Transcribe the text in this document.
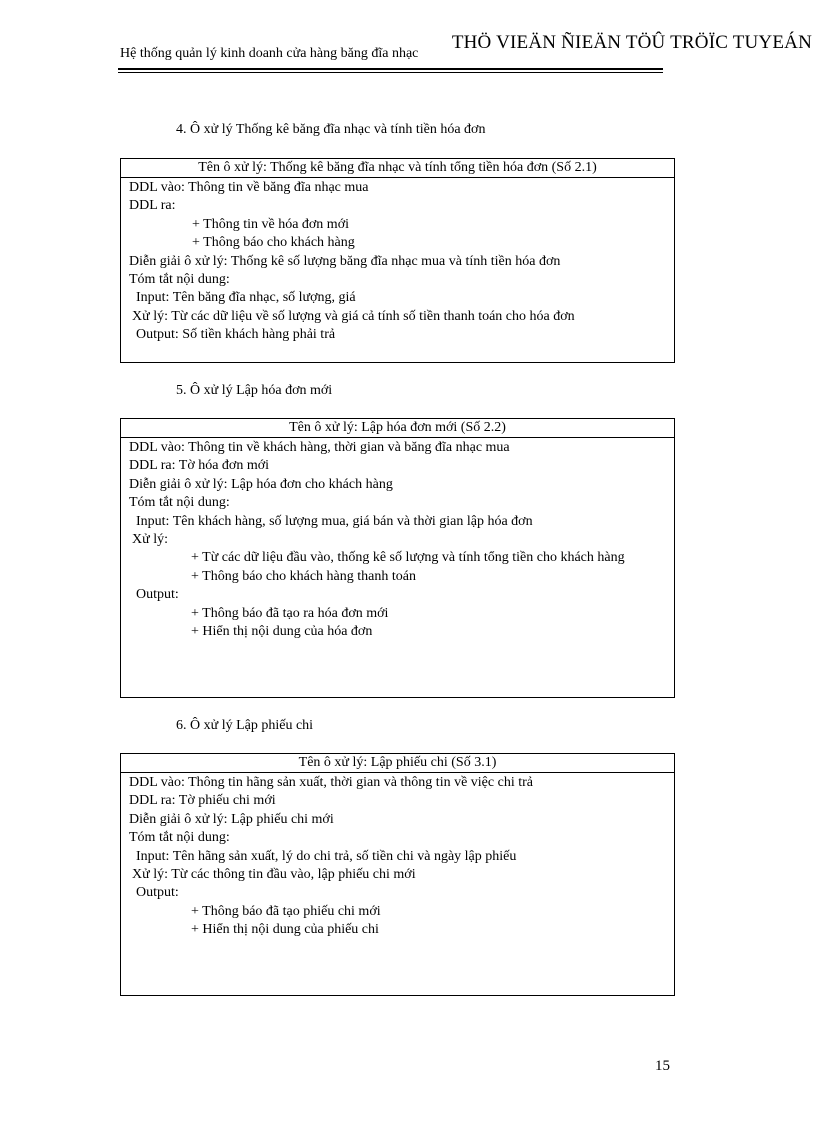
Hệ thống quản lý kinh doanh cửa hàng băng đĩa nhạc
THÖ VIEÄN ÑIEÄN TÖÛ TRÖÏC TUYEÁN
4. Ô xử lý Thống kê băng đĩa nhạc và tính tiền hóa đơn
Tên ô xử lý: Thống kê băng đĩa nhạc và tính tổng tiền hóa đơn (Số 2.1)
DDL vào: Thông tin về băng đĩa nhạc mua
DDL ra:
+ Thông tin về hóa đơn mới
+ Thông báo cho khách hàng
Diễn giải ô xử lý: Thống kê số lượng băng đĩa nhạc mua và tính tiền hóa đơn
Tóm tắt nội dung:
Input: Tên băng đĩa nhạc, số lượng, giá
Xử lý: Từ các dữ liệu về số lượng và giá cả tính số tiền thanh toán cho hóa đơn
Output: Số tiền khách hàng phải trả
5. Ô xử lý Lập hóa đơn mới
Tên ô xử lý: Lập hóa đơn mới (Số 2.2)
DDL vào: Thông tin về khách hàng, thời gian và băng đĩa nhạc mua
DDL ra: Tờ hóa đơn mới
Diễn giải ô xử lý: Lập hóa đơn cho khách hàng
Tóm tắt nội dung:
Input: Tên khách hàng, số lượng mua, giá bán và thời gian lập hóa đơn
Xử lý:
+ Từ các dữ liệu đầu vào, thống kê số lượng và tính tổng tiền cho khách hàng
+ Thông báo cho khách hàng thanh toán
Output:
+ Thông báo đã tạo ra hóa đơn mới
+ Hiển thị nội dung của hóa đơn
6. Ô xử lý Lập phiếu chi
Tên ô xử lý: Lập phiếu chi (Số 3.1)
DDL vào: Thông tin hãng sản xuất, thời gian và thông tin về việc chi trả
DDL ra: Tờ phiếu chi mới
Diễn giải ô xử lý: Lập phiếu chi mới
Tóm tắt nội dung:
Input: Tên hãng sản xuất, lý do chi trả, số tiền chi và ngày lập phiếu
Xử lý: Từ các thông tin đầu vào, lập phiếu chi mới
Output:
+ Thông báo đã tạo phiếu chi mới
+ Hiển thị nội dung của phiếu chi
15
